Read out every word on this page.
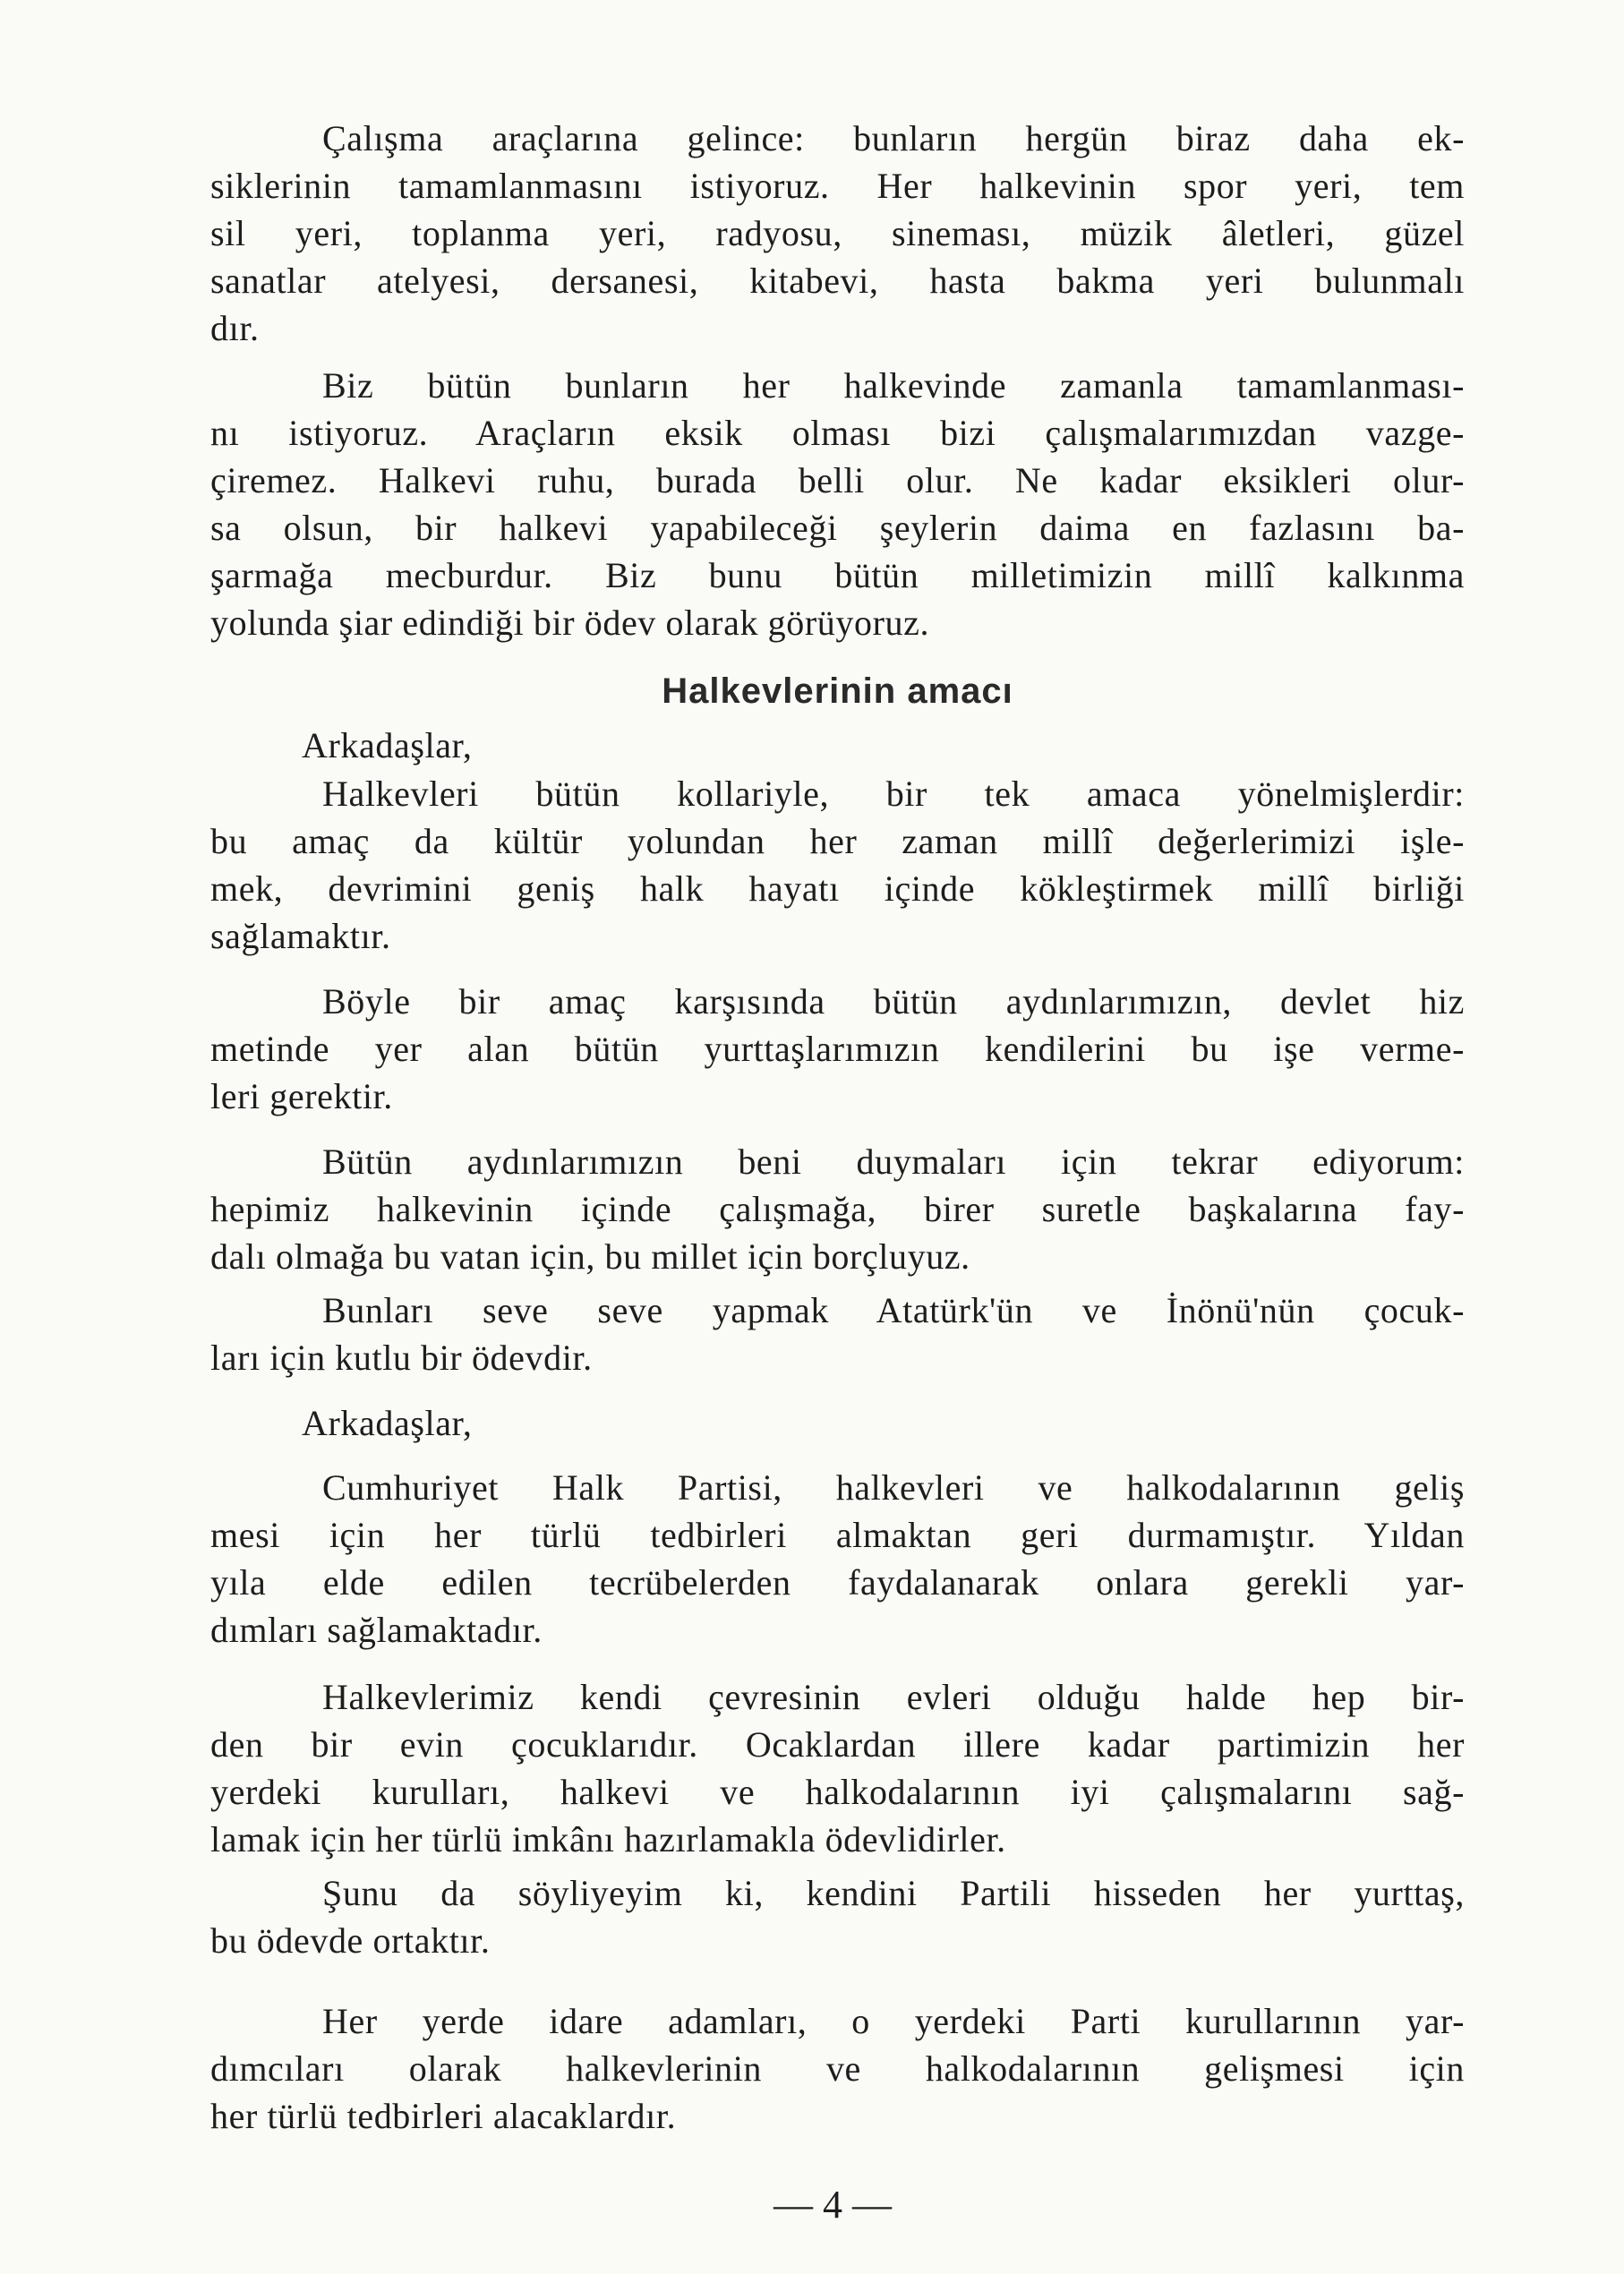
Çalışma araçlarına gelince: bunların hergün biraz daha ek-
siklerinin tamamlanmasını istiyoruz. Her halkevinin spor yeri, tem
sil yeri, toplanma yeri, radyosu, sineması, müzik âletleri, güzel
sanatlar atelyesi, dersanesi, kitabevi, hasta bakma yeri bulunmalı
dır.
Biz bütün bunların her halkevinde zamanla tamamlanması-
nı istiyoruz. Araçların eksik olması bizi çalışmalarımızdan vazge-
çiremez. Halkevi ruhu, burada belli olur. Ne kadar eksikleri olur-
sa olsun, bir halkevi yapabileceği şeylerin daima en fazlasını ba-
şarmağa mecburdur. Biz bunu bütün milletimizin millî kalkınma
yolunda şiar edindiği bir ödev olarak görüyoruz.
Halkevlerinin amacı
Arkadaşlar,
Halkevleri bütün kollariyle, bir tek amaca yönelmişlerdir:
bu amaç da kültür yolundan her zaman millî değerlerimizi işle-
mek, devrimini geniş halk hayatı içinde kökleştirmek millî birliği
sağlamaktır.
Böyle bir amaç karşısında bütün aydınlarımızın, devlet hiz
metinde yer alan bütün yurttaşlarımızın kendilerini bu işe verme-
leri gerektir.
Bütün aydınlarımızın beni duymaları için tekrar ediyorum:
hepimiz halkevinin içinde çalışmağa, birer suretle başkalarına fay-
dalı olmağa bu vatan için, bu millet için borçluyuz.
Bunları seve seve yapmak Atatürk'ün ve İnönü'nün çocuk-
ları için kutlu bir ödevdir.
Arkadaşlar,
Cumhuriyet Halk Partisi, halkevleri ve halkodalarının geliş
mesi için her türlü tedbirleri almaktan geri durmamıştır. Yıldan
yıla elde edilen tecrübelerden faydalanarak onlara gerekli yar-
dımları sağlamaktadır.
Halkevlerimiz kendi çevresinin evleri olduğu halde hep bir-
den bir evin çocuklarıdır. Ocaklardan illere kadar partimizin her
yerdeki kurulları, halkevi ve halkodalarının iyi çalışmalarını sağ-
lamak için her türlü imkânı hazırlamakla ödevlidirler.
Şunu da söyliyeyim ki, kendini Partili hisseden her yurttaş,
bu ödevde ortaktır.
Her yerde idare adamları, o yerdeki Parti kurullarının yar-
dımcıları olarak halkevlerinin ve halkodalarının gelişmesi için
her türlü tedbirleri alacaklardır.
— 4 —
